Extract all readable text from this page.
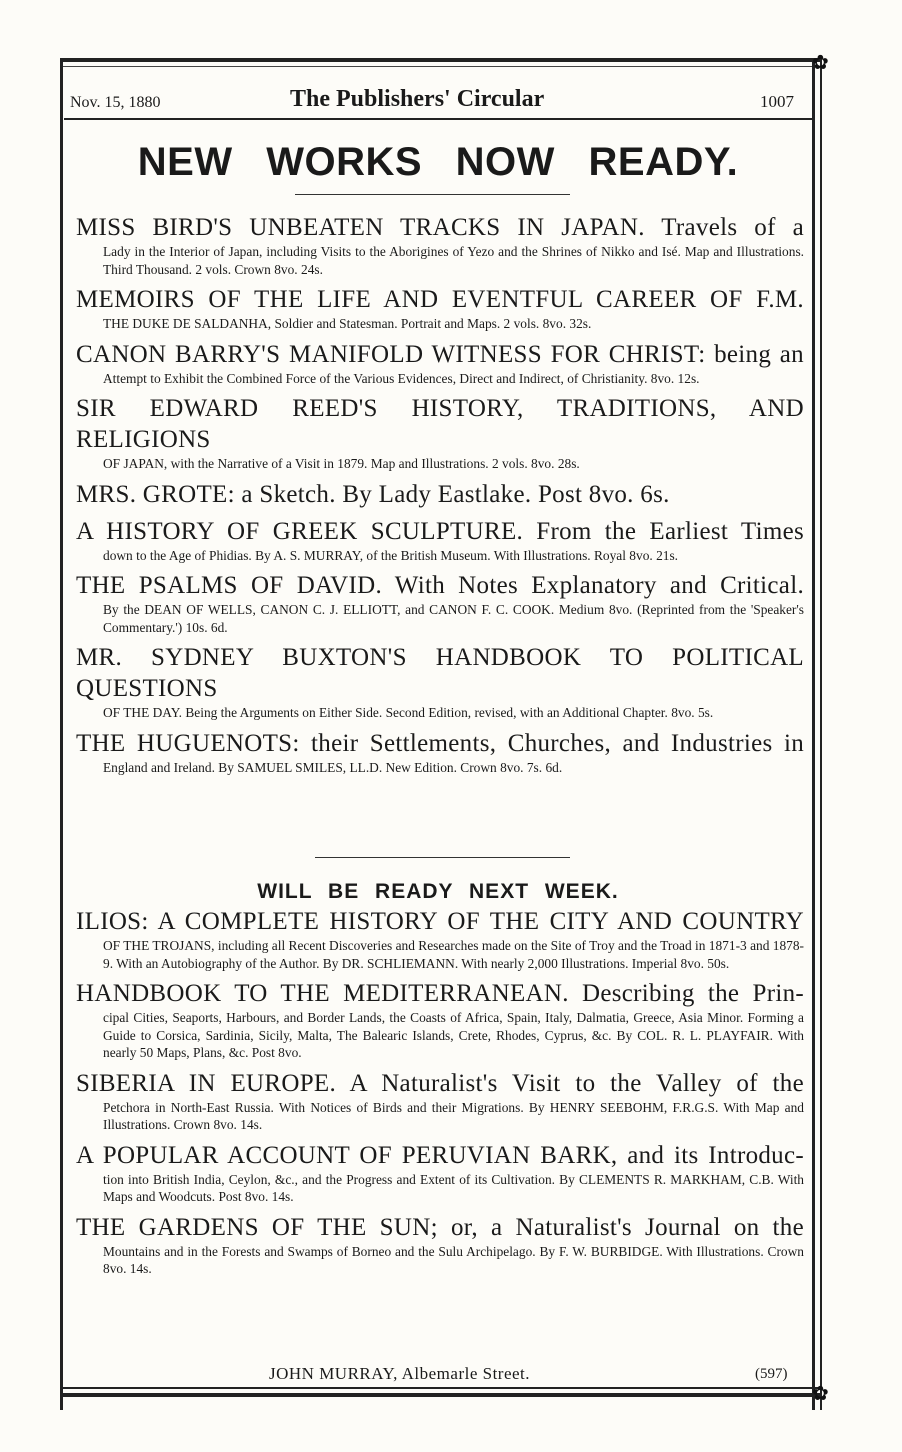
✿
Nov. 15, 1880	The Publishers' Circular	1007
NEW WORKS NOW READY.
MISS BIRD'S UNBEATEN TRACKS IN JAPAN. Travels of a
Lady in the Interior of Japan, including Visits to the Aborigines of Yezo and the Shrines of Nikko and Isé. Map and Illustrations. Third Thousand. 2 vols. Crown 8vo. 24s.
MEMOIRS OF THE LIFE AND EVENTFUL CAREER OF F.M.
THE DUKE DE SALDANHA, Soldier and Statesman. Portrait and Maps. 2 vols. 8vo. 32s.
CANON BARRY'S MANIFOLD WITNESS FOR CHRIST: being an
Attempt to Exhibit the Combined Force of the Various Evidences, Direct and Indirect, of Christianity. 8vo. 12s.
SIR EDWARD REED'S HISTORY, TRADITIONS, AND RELIGIONS
OF JAPAN, with the Narrative of a Visit in 1879. Map and Illustrations. 2 vols. 8vo. 28s.
MRS. GROTE: a Sketch. By Lady Eastlake. Post 8vo. 6s.
A HISTORY OF GREEK SCULPTURE. From the Earliest Times
down to the Age of Phidias. By A. S. MURRAY, of the British Museum. With Illustrations. Royal 8vo. 21s.
THE PSALMS OF DAVID. With Notes Explanatory and Critical.
By the DEAN OF WELLS, CANON C. J. ELLIOTT, and CANON F. C. COOK. Medium 8vo. (Reprinted from the 'Speaker's Commentary.') 10s. 6d.
MR. SYDNEY BUXTON'S HANDBOOK TO POLITICAL QUESTIONS
OF THE DAY. Being the Arguments on Either Side. Second Edition, revised, with an Additional Chapter. 8vo. 5s.
THE HUGUENOTS: their Settlements, Churches, and Industries in
England and Ireland. By SAMUEL SMILES, LL.D. New Edition. Crown 8vo. 7s. 6d.
WILL BE READY NEXT WEEK.
ILIOS: A COMPLETE HISTORY OF THE CITY AND COUNTRY
OF THE TROJANS, including all Recent Discoveries and Researches made on the Site of Troy and the Troad in 1871-3 and 1878-9. With an Autobiography of the Author. By DR. SCHLIEMANN. With nearly 2,000 Illustrations. Imperial 8vo. 50s.
HANDBOOK TO THE MEDITERRANEAN. Describing the Prin-
cipal Cities, Seaports, Harbours, and Border Lands, the Coasts of Africa, Spain, Italy, Dalmatia, Greece, Asia Minor. Forming a Guide to Corsica, Sardinia, Sicily, Malta, The Balearic Islands, Crete, Rhodes, Cyprus, &c. By COL. R. L. PLAYFAIR. With nearly 50 Maps, Plans, &c. Post 8vo.
SIBERIA IN EUROPE. A Naturalist's Visit to the Valley of the
Petchora in North-East Russia. With Notices of Birds and their Migrations. By HENRY SEEBOHM, F.R.G.S. With Map and Illustrations. Crown 8vo. 14s.
A POPULAR ACCOUNT OF PERUVIAN BARK, and its Introduc-
tion into British India, Ceylon, &c., and the Progress and Extent of its Cultivation. By CLEMENTS R. MARKHAM, C.B. With Maps and Woodcuts. Post 8vo. 14s.
THE GARDENS OF THE SUN; or, a Naturalist's Journal on the
Mountains and in the Forests and Swamps of Borneo and the Sulu Archipelago. By F. W. BURBIDGE. With Illustrations. Crown 8vo. 14s.
JOHN MURRAY, Albemarle Street.	(597)
✿
